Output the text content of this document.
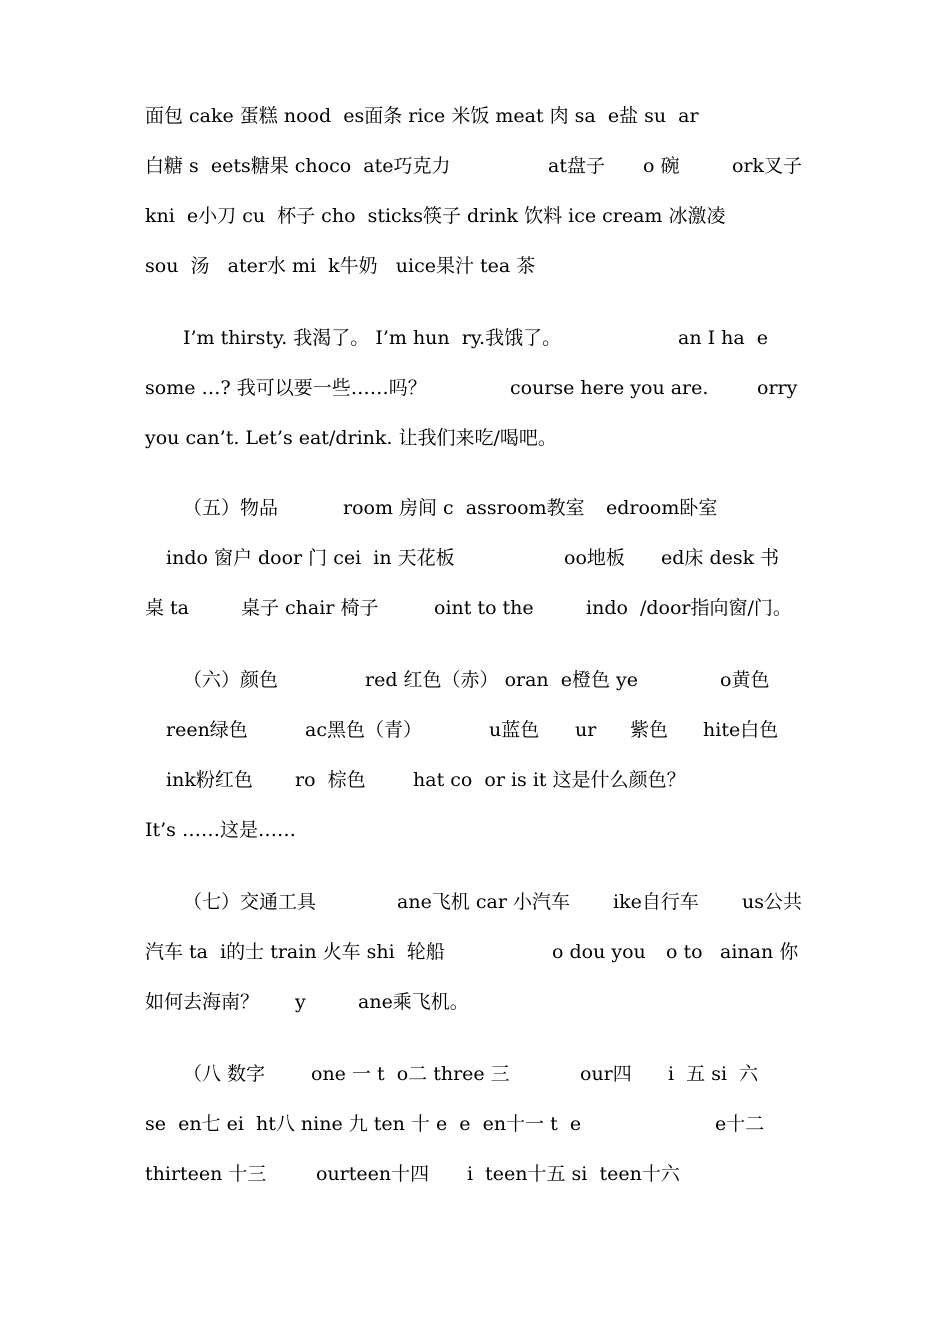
面包 cake 蛋糕 nood  es面条 rice 米饭 meat 肉 sa  e盐 su  ar
白糖 s  eets糖果 choco  ate巧克力	at盘子 o 碗	ork叉子
kni  e小刀 cu  杯子 cho  sticks筷子 drink 饮料 ice cream 冰激凌
sou  汤   ater水 mi  k牛奶   uice果汁 tea 茶
I’m thirsty. 我渴了。 I’m hun  ry.我饿了。	an I ha  e
some …? 我可以要一些……吗？	course here you are.	orry
you can’t. Let’s eat/drink. 让我们来吃/喝吧。
（五）物品	room 房间 c  assroom教室 edroom卧室
indo 窗户 door 门 cei  in 天花板	oo地板 ed床 desk 书
桌 ta	桌子 chair 椅子	oint to the	indo  /door指向窗/门。
（六）颜色	red 红色（赤） oran  e橙色 ye	o黄色
reen绿色	ac黑色（青）	u蓝色 ur 紫色 hite白色
ink粉红色 ro  棕色 hat co  or is it 这是什么颜色？
It’s ……这是……
（七）交通工具	ane飞机 car 小汽车 ike自行车 us公共
汽车 ta  i的士 train 火车 shi  轮船	o dou you o to ainan 你
如何去海南？ y	ane乘飞机。
（八 数字 one 一 t  o二 three 三	our四 i  五 si  六
se  en七 ei  ht八 nine 九 ten 十 e  e  en十一 t  e	e十二
thirteen 十三	ourteen十四 i  teen十五 si  teen十六
